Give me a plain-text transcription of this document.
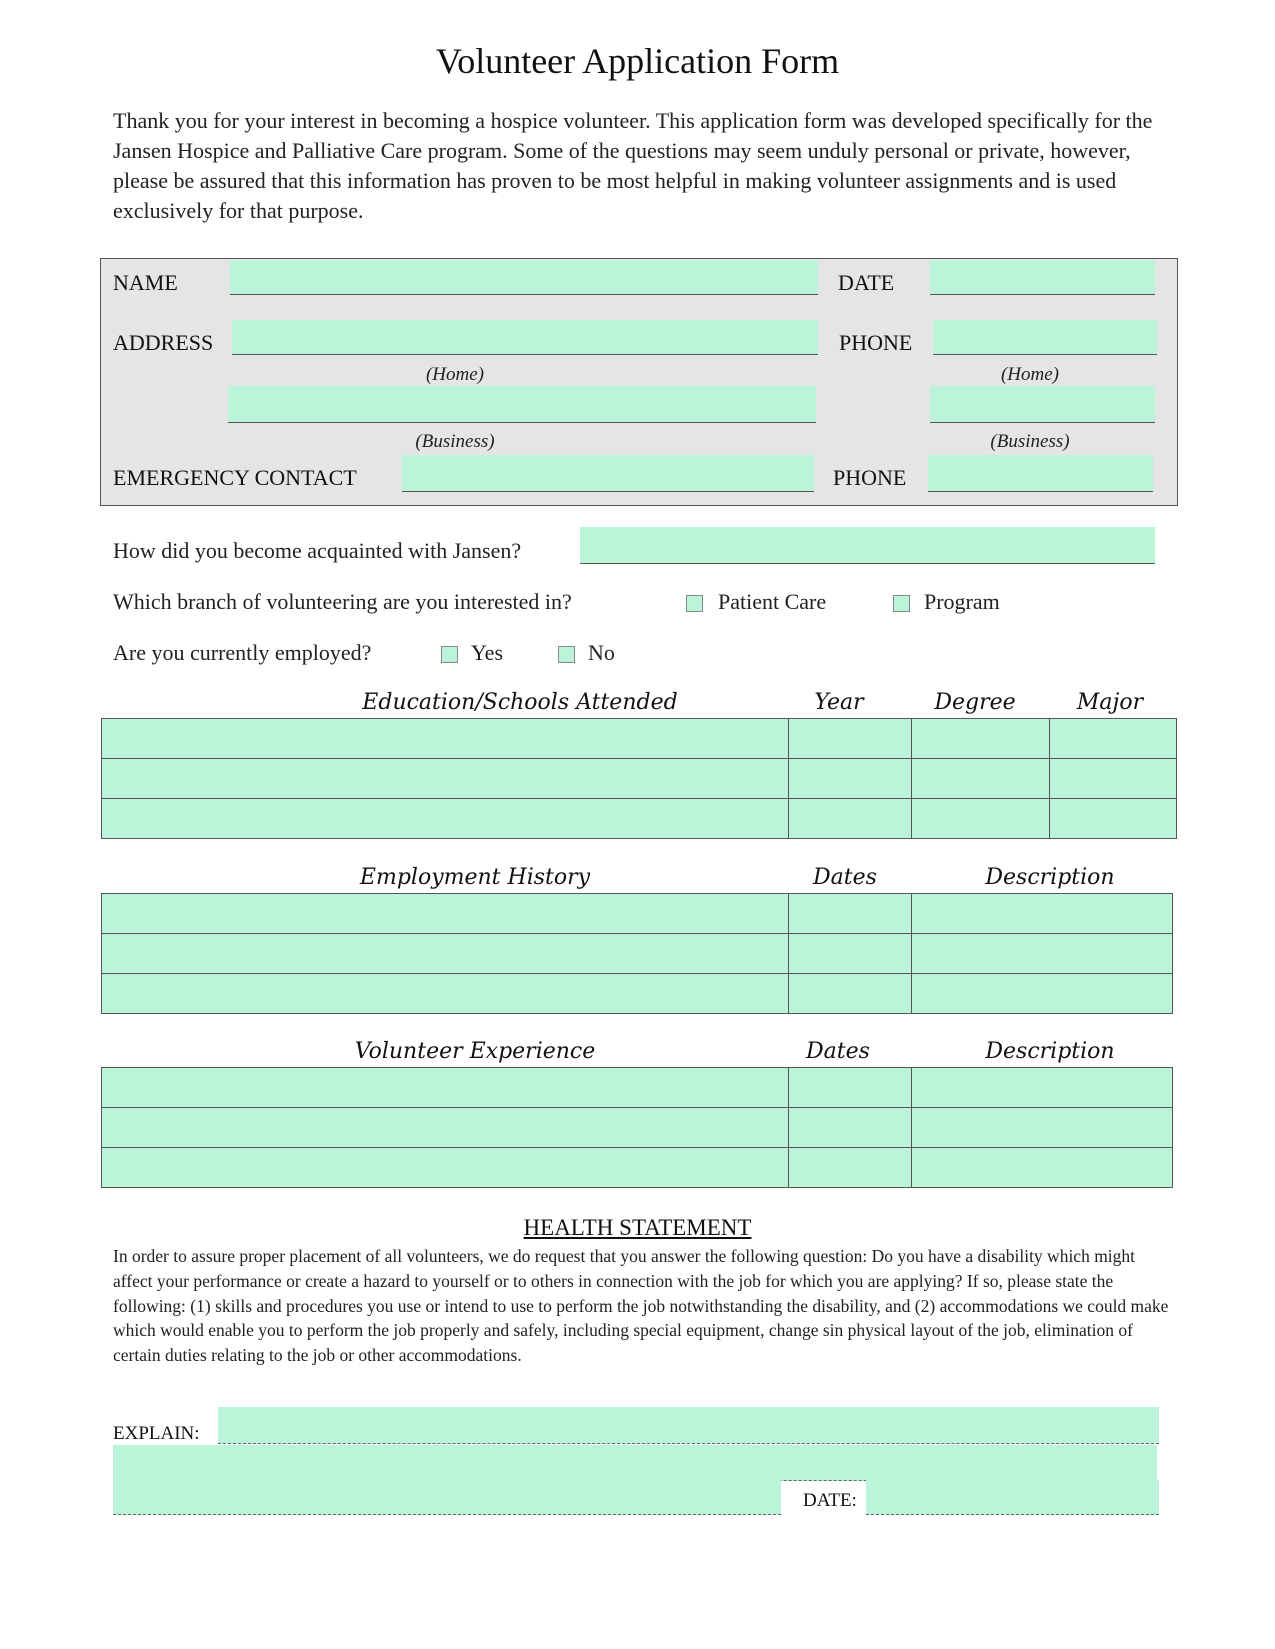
Volunteer Application Form
Thank you for your interest in becoming a hospice volunteer. This application form was developed specifically for the Jansen Hospice and Palliative Care program. Some of the questions may seem unduly personal or private, however, please be assured that this information has proven to be most helpful in making volunteer assignments and is used exclusively for that purpose.
NAME	DATE
ADDRESS	PHONE
(Home)	(Home)
(Business)	(Business)
EMERGENCY CONTACT	PHONE
How did you become acquainted with Jansen?
Which branch of volunteering are you interested in?	Patient Care	Program
Are you currently employed?	Yes	No
Education/Schools Attended	Year	Degree	Major

Employment History	Dates	Description

Volunteer Experience	Dates	Description

HEALTH STATEMENT
In order to assure proper placement of all volunteers, we do request that you answer the following question: Do you have a disability which might affect your performance or create a hazard to yourself or to others in connection with the job for which you are applying? If so, please state the following: (1) skills and procedures you use or intend to use to perform the job notwithstanding the disability, and (2) accommodations we could make which would enable you to perform the job properly and safely, including special equipment, change sin physical layout of the job, elimination of certain duties relating to the job or other accommodations.
EXPLAIN:
DATE:
